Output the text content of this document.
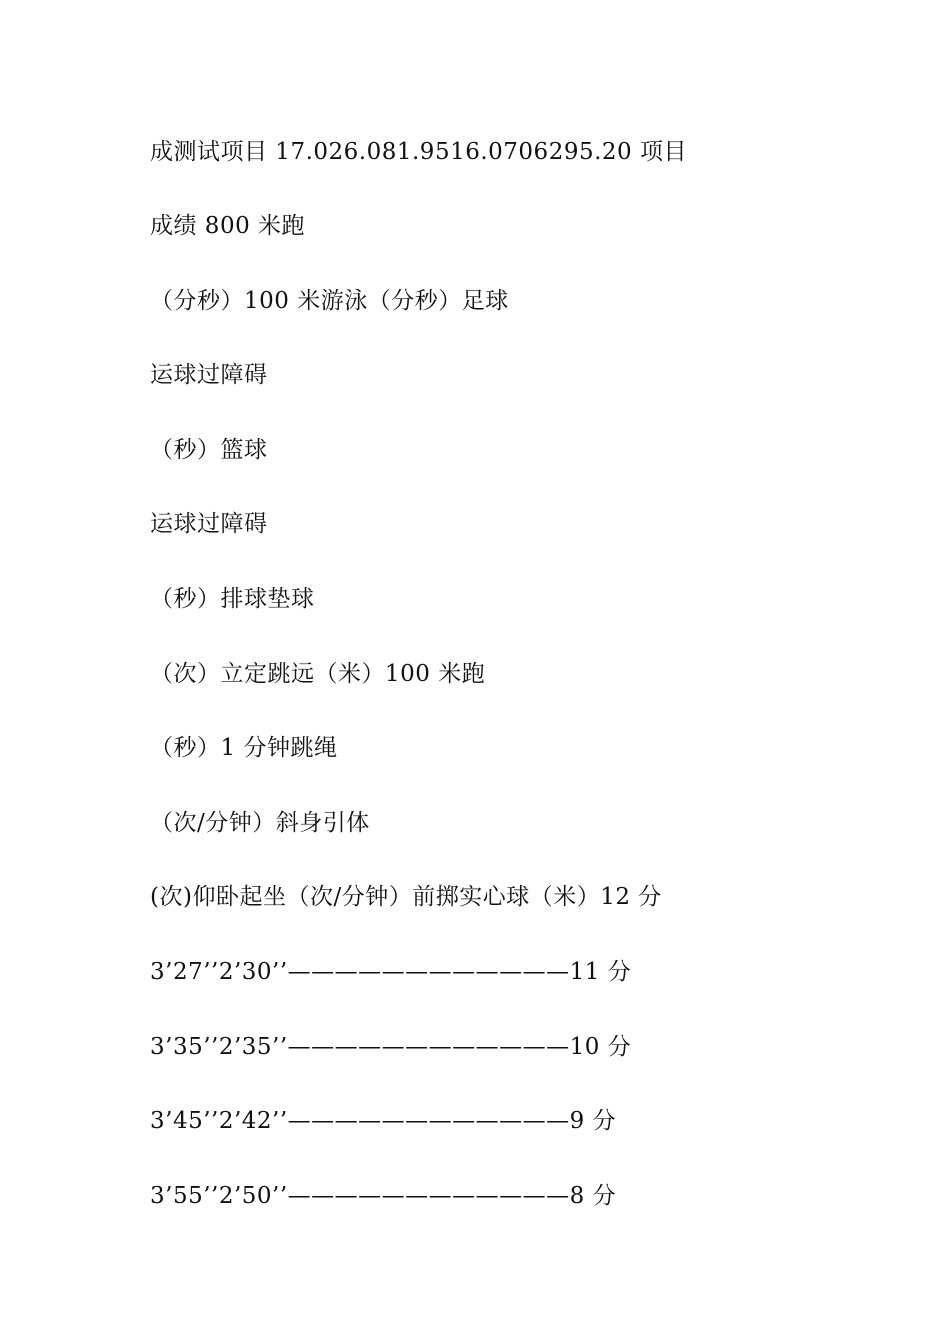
成测试项目 17.026.081.9516.0706295.20 项目
成绩 800 米跑
（分秒）100 米游泳（分秒）足球
运球过障碍
（秒）篮球
运球过障碍
（秒）排球垫球
（次）立定跳远（米）100 米跑
（秒）1 分钟跳绳
（次/分钟）斜身引体
(次)仰卧起坐（次/分钟）前掷实心球（米）12 分
3’27’’2’30’’————————————11 分
3’35’’2’35’’————————————10 分
3’45’’2’42’’————————————9 分
3’55’’2’50’’————————————8 分
